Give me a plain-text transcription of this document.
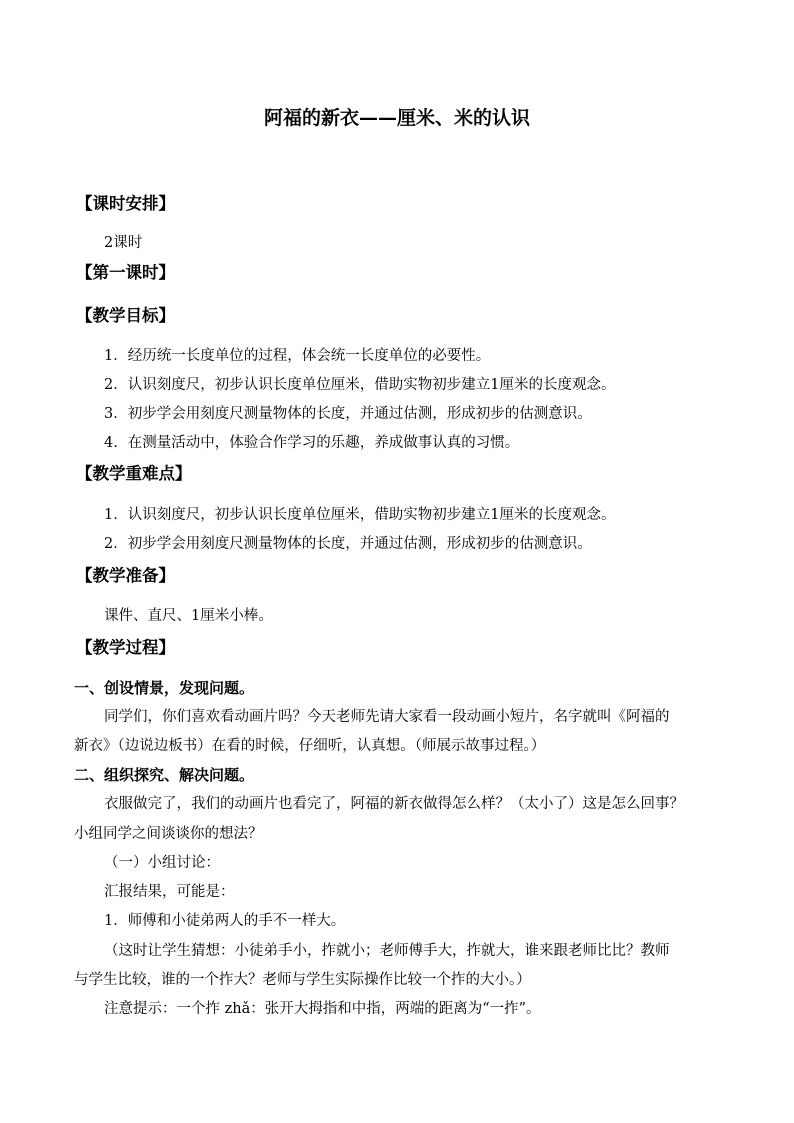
阿福的新衣——厘米、米的认识
【课时安排】
2课时
【第一课时】
【教学目标】
1．经历统一长度单位的过程，体会统一长度单位的必要性。
2．认识刻度尺，初步认识长度单位厘米，借助实物初步建立1厘米的长度观念。
3．初步学会用刻度尺测量物体的长度，并通过估测，形成初步的估测意识。
4．在测量活动中，体验合作学习的乐趣，养成做事认真的习惯。
【教学重难点】
1．认识刻度尺，初步认识长度单位厘米，借助实物初步建立1厘米的长度观念。
2．初步学会用刻度尺测量物体的长度，并通过估测，形成初步的估测意识。
【教学准备】
课件、直尺、1厘米小棒。
【教学过程】
一、创设情景，发现问题。
同学们，你们喜欢看动画片吗？今天老师先请大家看一段动画小短片，名字就叫《阿福的
新衣》（边说边板书）在看的时候，仔细听，认真想。（师展示故事过程。）
二、组织探究、解决问题。
衣服做完了，我们的动画片也看完了，阿福的新衣做得怎么样？（太小了）这是怎么回事？
小组同学之间谈谈你的想法？
（一）小组讨论：
汇报结果，可能是：
1．师傅和小徒弟两人的手不一样大。
（这时让学生猜想：小徒弟手小，拃就小；老师傅手大，拃就大，谁来跟老师比比？教师
与学生比较，谁的一个拃大？老师与学生实际操作比较一个拃的大小。）
注意提示：一个拃 zhǎ：张开大拇指和中指，两端的距离为“一拃”。
